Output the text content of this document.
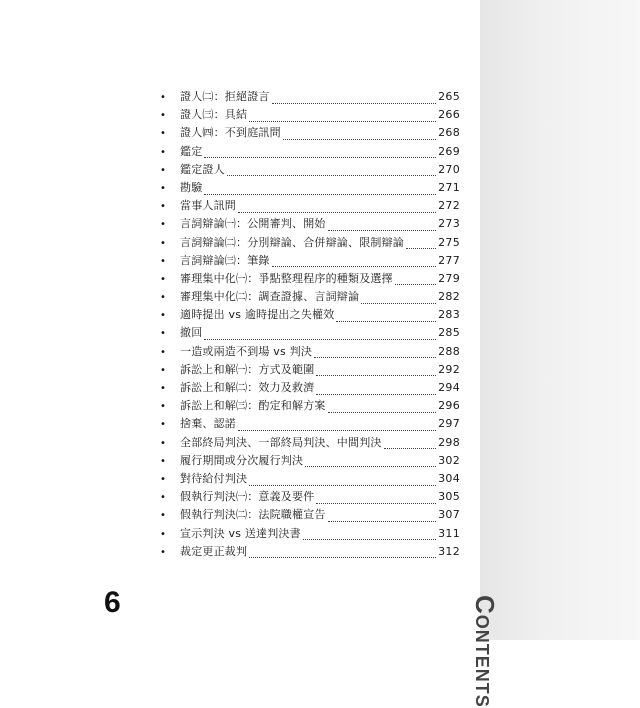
•	證人㈡：拒絕證言	265
•	證人㈢：具結	266
•	證人㈣：不到庭訊問	268
•	鑑定	269
•	鑑定證人	270
•	勘驗	271
•	當事人訊問	272
•	言詞辯論㈠：公開審判、開始	273
•	言詞辯論㈡：分別辯論、合併辯論、限制辯論	275
•	言詞辯論㈢：筆錄	277
•	審理集中化㈠：爭點整理程序的種類及選擇	279
•	審理集中化㈡：調查證據、言詞辯論	282
•	適時提出 vs 逾時提出之失權效	283
•	撤回	285
•	一造或兩造不到場 vs 判決	288
•	訴訟上和解㈠：方式及範圍	292
•	訴訟上和解㈡：效力及救濟	294
•	訴訟上和解㈢：酌定和解方案	296
•	捨棄、認諾	297
•	全部終局判決、一部終局判決、中間判決	298
•	履行期間或分次履行判決	302
•	對待給付判決	304
•	假執行判決㈠：意義及要件	305
•	假執行判決㈡：法院職權宣告	307
•	宣示判決 vs 送達判決書	311
•	裁定更正裁判	312
6	Contents
